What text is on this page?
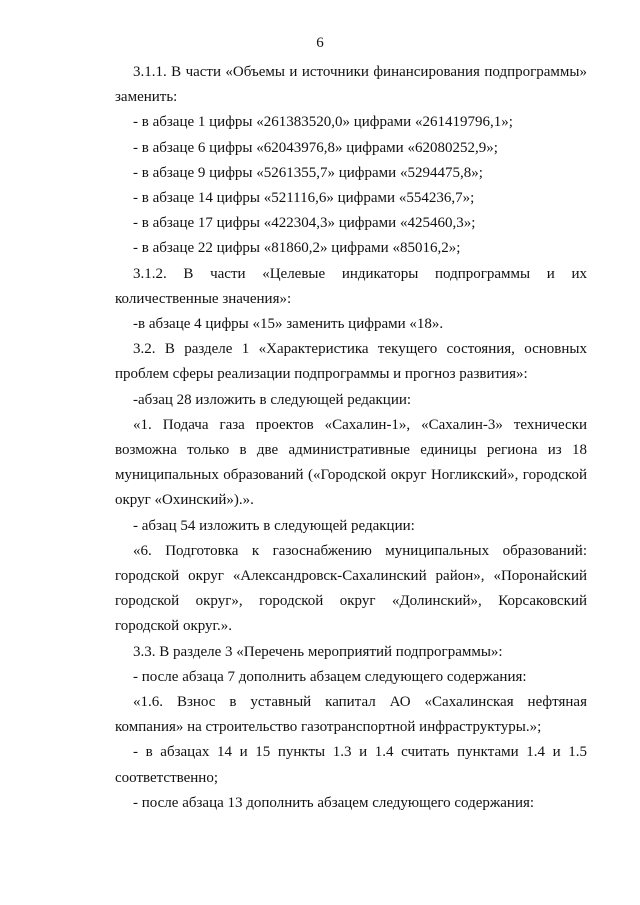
6

3.1.1. В части «Объемы и источники финансирования подпрограммы» заменить:

- в абзаце 1 цифры «261383520,0» цифрами «261419796,1»;

- в абзаце 6 цифры «62043976,8» цифрами «62080252,9»;

- в абзаце 9 цифры «5261355,7» цифрами «5294475,8»;

- в абзаце 14 цифры «521116,6» цифрами «554236,7»;

- в абзаце 17 цифры «422304,3» цифрами «425460,3»;

- в абзаце 22 цифры «81860,2» цифрами «85016,2»;

3.1.2. В части «Целевые индикаторы подпрограммы и их количественные значения»:

-в абзаце 4 цифры «15» заменить цифрами «18».

3.2. В разделе 1 «Характеристика текущего состояния, основных проблем сферы реализации подпрограммы и прогноз развития»:

-абзац 28 изложить в следующей редакции:

«1. Подача газа проектов «Сахалин-1», «Сахалин-3» технически возможна только в две административные единицы региона из 18 муниципальных образований («Городской округ Ногликский», городской округ «Охинский»).».

- абзац 54 изложить в следующей редакции:

«6. Подготовка к газоснабжению муниципальных образований: городской округ «Александровск-Сахалинский район», «Поронайский городской округ», городской округ «Долинский», Корсаковский городской округ.».

3.3. В разделе 3 «Перечень мероприятий подпрограммы»:

- после абзаца 7 дополнить абзацем следующего содержания:

«1.6. Взнос в уставный капитал АО «Сахалинская нефтяная компания» на строительство газотранспортной инфраструктуры.»;

- в абзацах 14 и 15 пункты 1.3 и 1.4 считать пунктами 1.4 и 1.5 соответственно;

- после абзаца 13 дополнить абзацем следующего содержания:
